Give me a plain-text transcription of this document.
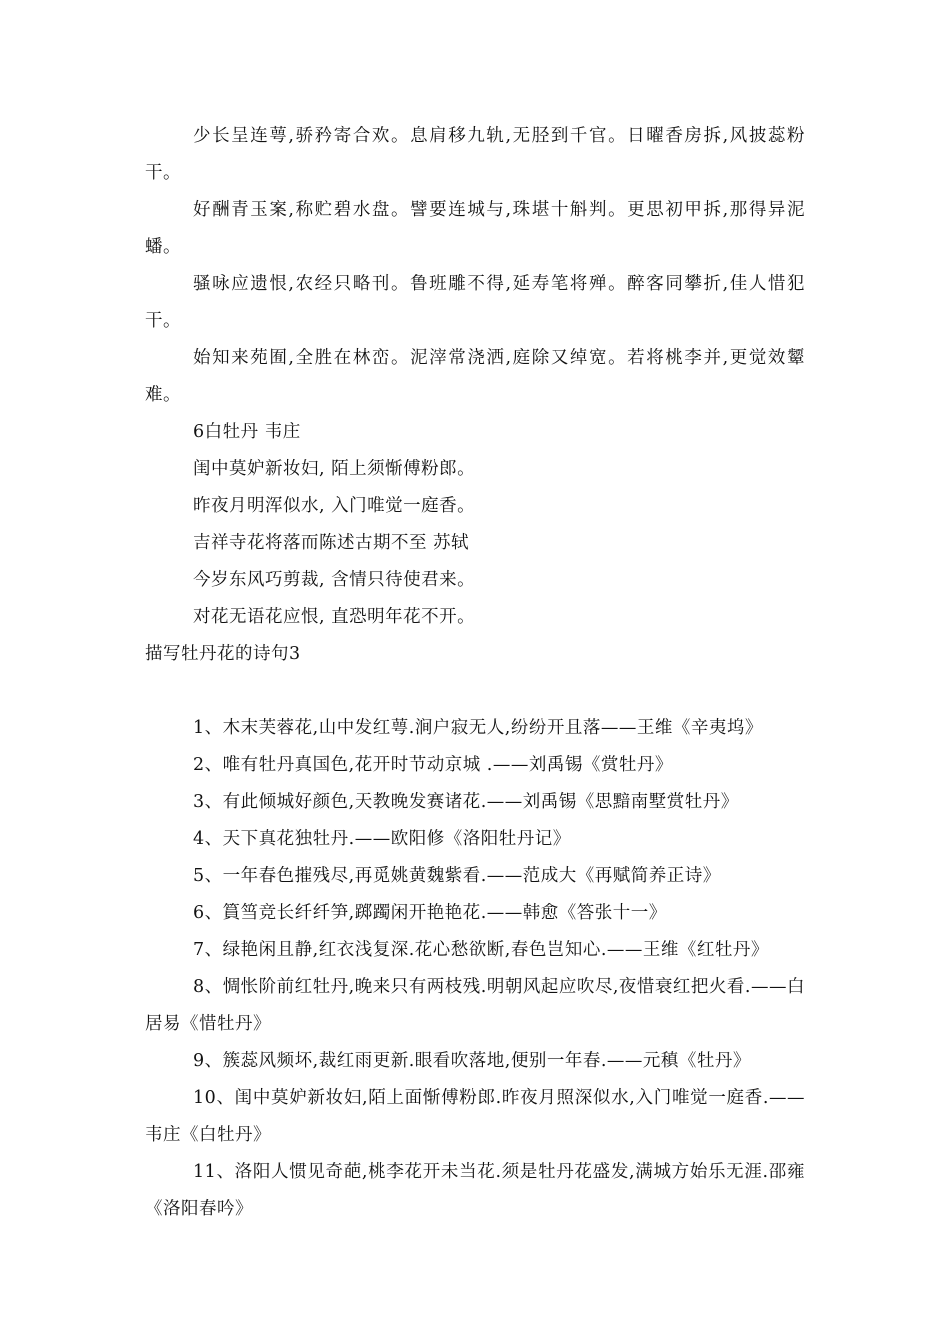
少长呈连萼,骄矜寄合欢。息肩移九轨,无胫到千官。日曜香房拆,风披蕊粉干。

好酬青玉案,称贮碧水盘。譬要连城与,珠堪十斛判。更思初甲拆,那得异泥蟠。

骚咏应遗恨,农经只略刊。鲁班雕不得,延寿笔将殚。醉客同攀折,佳人惜犯干。

始知来苑囿,全胜在林峦。泥滓常浇洒,庭除又绰宽。若将桃李并,更觉效颦难。

6白牡丹 韦庄

闺中莫妒新妆妇, 陌上须惭傅粉郎。

昨夜月明浑似水, 入门唯觉一庭香。

吉祥寺花将落而陈述古期不至 苏轼

今岁东风巧剪裁, 含情只待使君来。

对花无语花应恨, 直恐明年花不开。

描写牡丹花的诗句3

1、木末芙蓉花,山中发红萼.涧户寂无人,纷纷开且落——王维《辛夷坞》

2、唯有牡丹真国色,花开时节动京城 .——刘禹锡《赏牡丹》

3、有此倾城好颜色,天教晚发赛诸花.——刘禹锡《思黯南墅赏牡丹》

4、天下真花独牡丹.——欧阳修《洛阳牡丹记》

5、一年春色摧残尽,再觅姚黄魏紫看.——范成大《再赋简养正诗》

6、篔筜竞长纤纤笋,踯躅闲开艳艳花.——韩愈《答张十一》

7、绿艳闲且静,红衣浅复深.花心愁欲断,春色岂知心.——王维《红牡丹》

8、惆怅阶前红牡丹,晚来只有两枝残.明朝风起应吹尽,夜惜衰红把火看.——白居易《惜牡丹》

9、簇蕊风频坏,裁红雨更新.眼看吹落地,便别一年春.——元稹《牡丹》

10、闺中莫妒新妆妇,陌上面惭傅粉郎.昨夜月照深似水,入门唯觉一庭香.——韦庄《白牡丹》

11、洛阳人惯见奇葩,桃李花开未当花.须是牡丹花盛发,满城方始乐无涯.邵雍《洛阳春吟》
